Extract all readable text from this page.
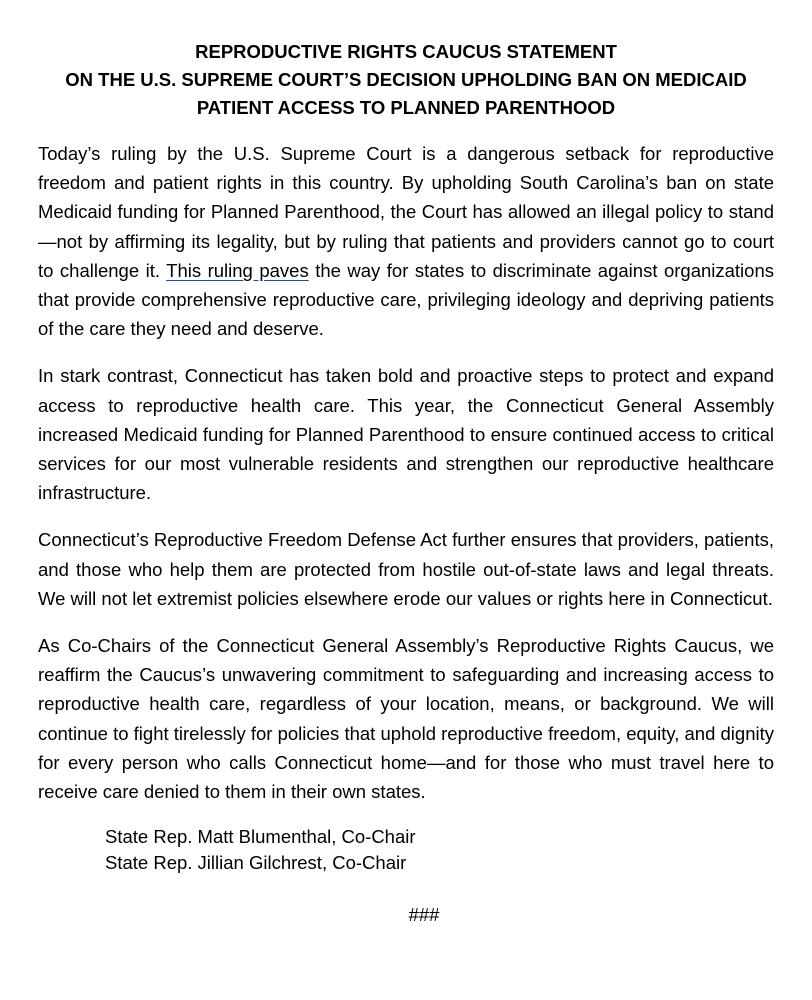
REPRODUCTIVE RIGHTS CAUCUS STATEMENT
ON THE U.S. SUPREME COURT’S DECISION UPHOLDING BAN ON MEDICAID
PATIENT ACCESS TO PLANNED PARENTHOOD

Today’s ruling by the U.S. Supreme Court is a dangerous setback for reproductive freedom and patient rights in this country. By upholding South Carolina’s ban on state Medicaid funding for Planned Parenthood, the Court has allowed an illegal policy to stand—not by affirming its legality, but by ruling that patients and providers cannot go to court to challenge it. This ruling paves the way for states to discriminate against organizations that provide comprehensive reproductive care, privileging ideology and depriving patients of the care they need and deserve.

In stark contrast, Connecticut has taken bold and proactive steps to protect and expand access to reproductive health care. This year, the Connecticut General Assembly increased Medicaid funding for Planned Parenthood to ensure continued access to critical services for our most vulnerable residents and strengthen our reproductive healthcare infrastructure.

Connecticut’s Reproductive Freedom Defense Act further ensures that providers, patients, and those who help them are protected from hostile out-of-state laws and legal threats. We will not let extremist policies elsewhere erode our values or rights here in Connecticut.

As Co-Chairs of the Connecticut General Assembly’s Reproductive Rights Caucus, we reaffirm the Caucus’s unwavering commitment to safeguarding and increasing access to reproductive health care, regardless of your location, means, or background. We will continue to fight tirelessly for policies that uphold reproductive freedom, equity, and dignity for every person who calls Connecticut home—and for those who must travel here to receive care denied to them in their own states.

State Rep. Matt Blumenthal, Co-Chair
State Rep. Jillian Gilchrest, Co-Chair
###
